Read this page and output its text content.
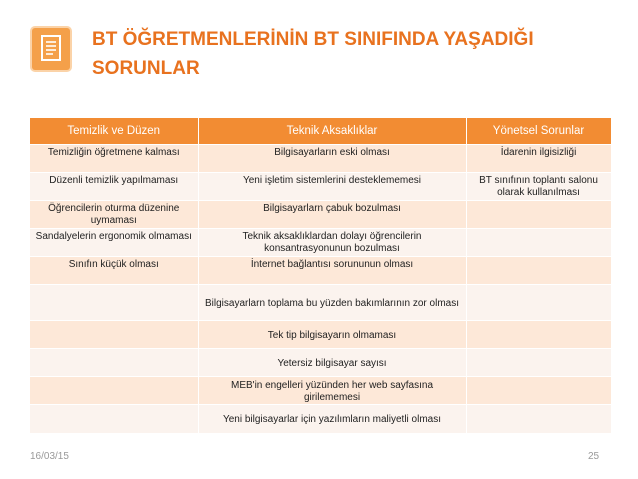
BT ÖĞRETMENLERİNİN BT SINIFINDA YAŞADIĞI SORUNLAR
Temizlik ve Düzen	Teknik Aksaklıklar	Yönetsel Sorunlar
Temizliğin öğretmene kalması	Bilgisayarların eski olması	İdarenin ilgisizliği
Düzenli temizlik yapılmaması	Yeni işletim sistemlerini desteklememesi	BT sınıfının toplantı salonu olarak kullanılması
Öğrencilerin oturma düzenine uymaması	Bilgisayarlarn çabuk bozulması	
Sandalyelerin ergonomik olmaması	Teknik aksaklıklardan dolayı öğrencilerin konsantrasyonunun bozulması	
Sınıfın küçük olması	İnternet bağlantısı sorununun olması	
	Bilgisayarlarn toplama bu yüzden bakımlarının zor olması	
	Tek tip bilgisayarın olmaması	
	Yetersiz bilgisayar sayısı	
	MEB'in engelleri yüzünden her web sayfasına girilememesi	
	Yeni bilgisayarlar için yazılımların maliyetli olması	
16/03/15	25
